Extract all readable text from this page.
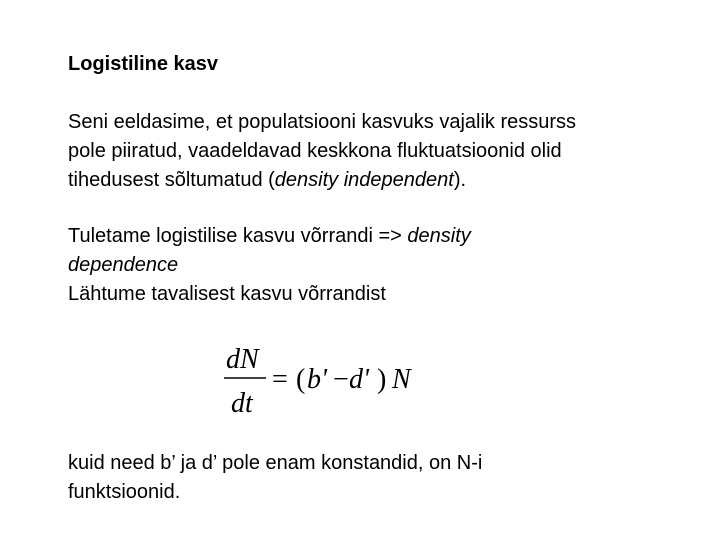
Logistiline kasv
Seni eeldasime, et populatsiooni kasvuks vajalik ressurss
pole piiratud, vaadeldavad keskkona fluktuatsioonid olid
tihedusest sõltumatud (density independent).
Tuletame logistilise kasvu võrrandi => density
dependence
Lähtume tavalisest kasvu võrrandist
dN
dt
= ( b' − d' ) N
kuid need b’ ja d’ pole enam konstandid, on N-i
funktsioonid.
